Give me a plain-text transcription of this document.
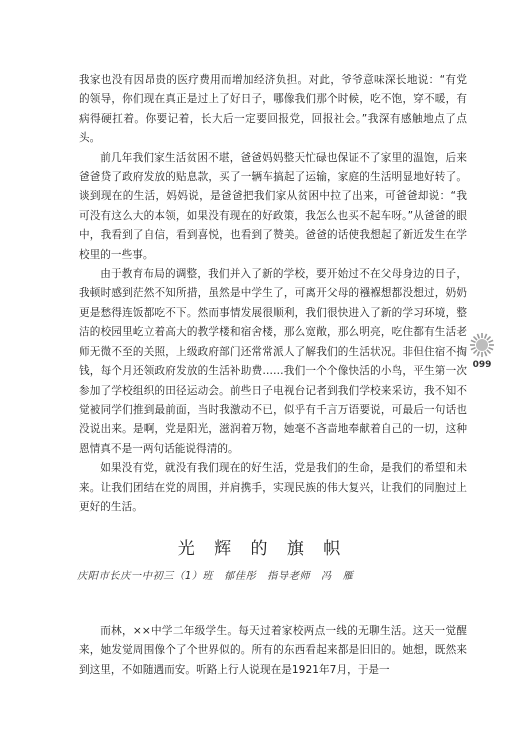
我家也没有因昂贵的医疗费用而增加经济负担。对此，爷爷意味深长地说：“有党的领导，你们现在真正是过上了好日子，哪像我们那个时候，吃不饱，穿不暖，有病得硬扛着。你要记着，长大后一定要回报党，回报社会。”我深有感触地点了点头。

前几年我们家生活贫困不堪，爸爸妈妈整天忙碌也保证不了家里的温饱，后来爸爸贷了政府发放的贴息款，买了一辆车搞起了运输，家庭的生活明显地好转了。谈到现在的生活，妈妈说，是爸爸把我们家从贫困中拉了出来，可爸爸却说：“我可没有这么大的本领，如果没有现在的好政策，我怎么也买不起车呀。”从爸爸的眼中，我看到了自信，看到喜悦，也看到了赞美。爸爸的话使我想起了新近发生在学校里的一些事。

由于教育布局的调整，我们并入了新的学校，要开始过不在父母身边的日子，我顿时感到茫然不知所措，虽然是中学生了，可离开父母的襁褓想都没想过，奶奶更是愁得连饭都吃不下。然而事情发展很顺利，我们很快进入了新的学习环境，整洁的校园里屹立着高大的教学楼和宿舍楼，那么宽敞，那么明亮，吃住都有生活老师无微不至的关照，上级政府部门还常常派人了解我们的生活状况。非但住宿不掏钱，每个月还领政府发放的生活补助费……我们一个个像快活的小鸟，平生第一次参加了学校组织的田径运动会。前些日子电视台记者到我们学校来采访，我不知不觉被同学们推到最前面，当时我激动不已，似乎有千言万语要说，可最后一句话也没说出来。是啊，党是阳光，滋润着万物，她毫不吝啬地奉献着自己的一切，这种恩情真不是一两句话能说得清的。

如果没有党，就没有我们现在的好生活，党是我们的生命，是我们的希望和未来。让我们团结在党的周围，并肩携手，实现民族的伟大复兴，让我们的同胞过上更好的生活。

光 辉 的 旗 帜
庆阳市长庆一中初三（1）班　郁佳彤　指导老师　冯　雁

而林，××中学二年级学生。每天过着家校两点一线的无聊生活。这天一觉醒来，她发觉周围像个了个世界似的。所有的东西看起来都是旧旧的。她想，既然来到这里，不如随遇而安。听路上行人说现在是1921年7月，于是一

099
